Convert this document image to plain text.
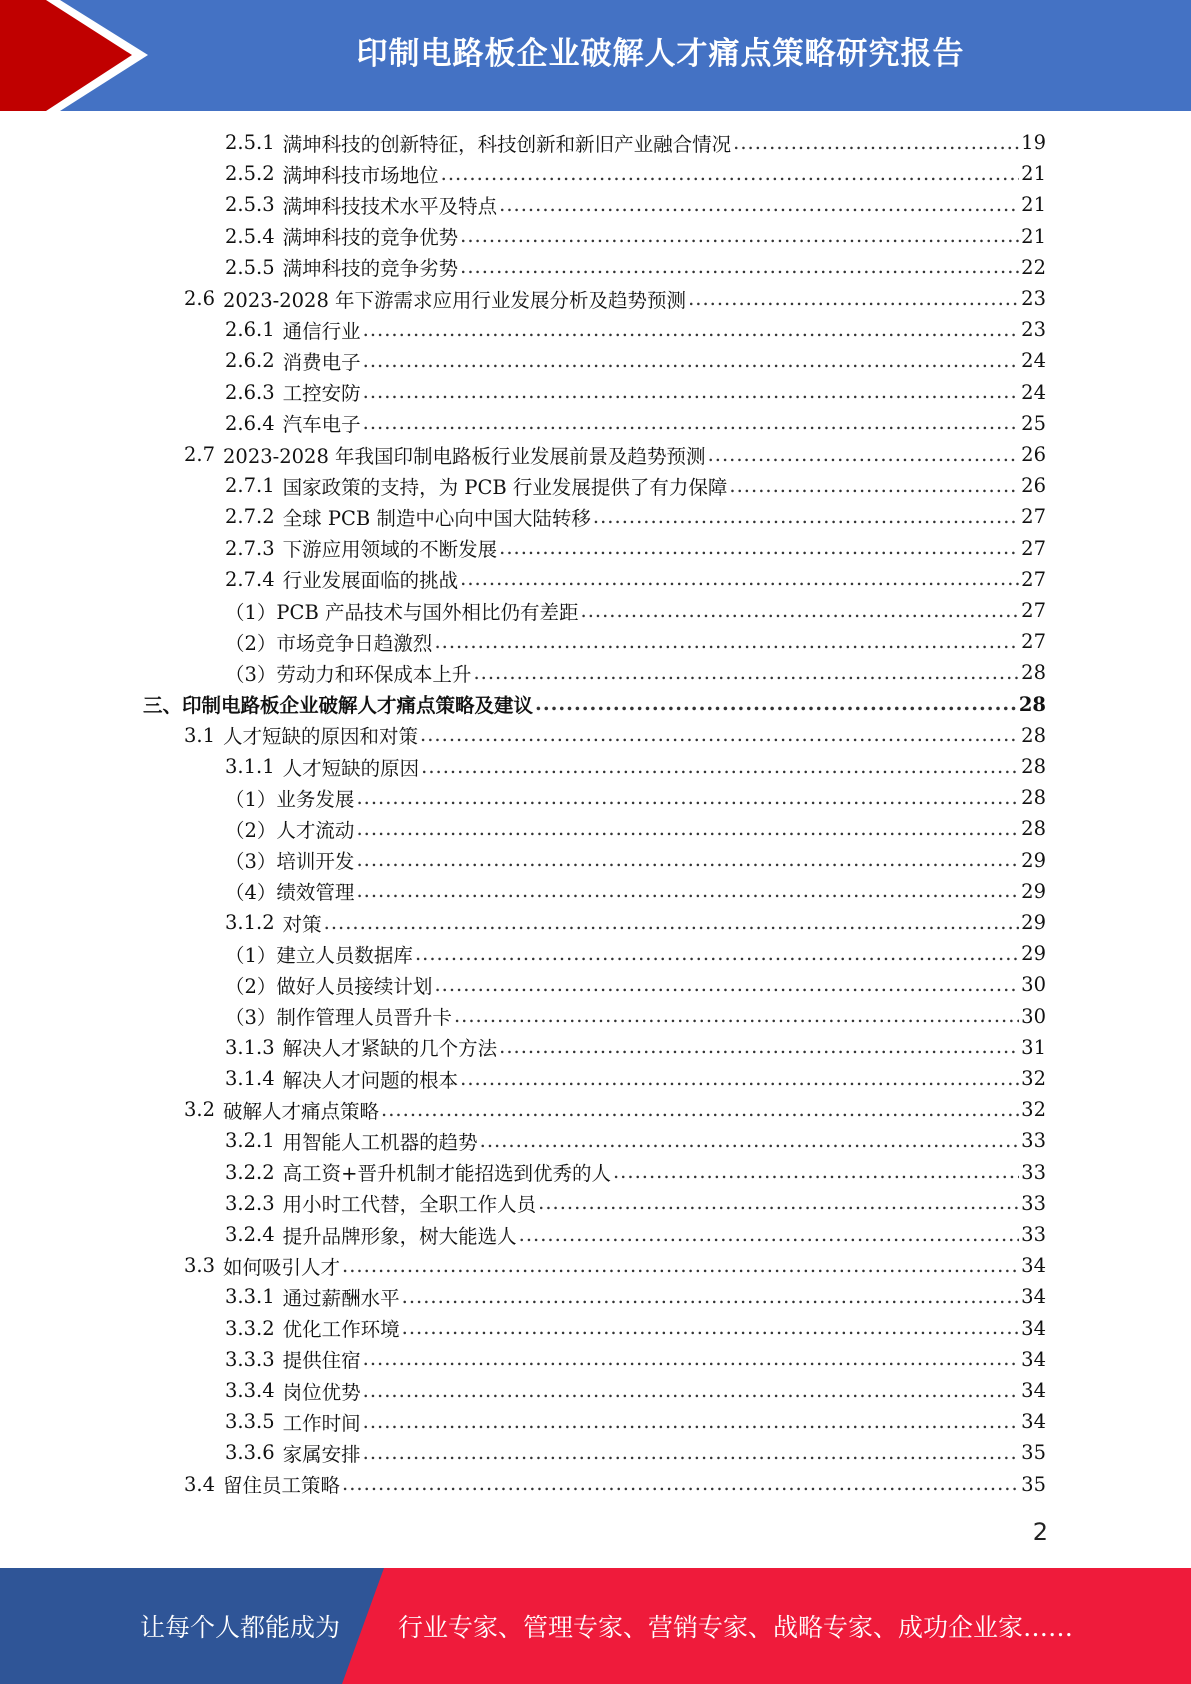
印制电路板企业破解人才痛点策略研究报告
2.5.1 满坤科技的创新特征，科技创新和新旧产业融合情况 .....	19
2.5.2 满坤科技市场地位 .....	21
2.5.3 满坤科技技术水平及特点 .....	21
2.5.4 满坤科技的竞争优势 .....	21
2.5.5 满坤科技的竞争劣势 .....	22
2.6 2023-2028 年下游需求应用行业发展分析及趋势预测 .....	23
2.6.1 通信行业 .....	23
2.6.2 消费电子 .....	24
2.6.3 工控安防 .....	24
2.6.4 汽车电子 .....	25
2.7 2023-2028 年我国印制电路板行业发展前景及趋势预测 .....	26
2.7.1 国家政策的支持，为 PCB 行业发展提供了有力保障 .....	26
2.7.2 全球 PCB 制造中心向中国大陆转移 .....	27
2.7.3 下游应用领域的不断发展 .....	27
2.7.4 行业发展面临的挑战 .....	27
（1） PCB 产品技术与国外相比仍有差距 .....	27
（2） 市场竞争日趋激烈 .....	27
（3） 劳动力和环保成本上升 .....	28
三、 印制电路板企业破解人才痛点策略及建议 .....	28
3.1 人才短缺的原因和对策 .....	28
3.1.1 人才短缺的原因 .....	28
（1） 业务发展 .....	28
（2） 人才流动 .....	28
（3） 培训开发 .....	29
（4） 绩效管理 .....	29
3.1.2 对策 .....	29
（1） 建立人员数据库 .....	29
（2） 做好人员接续计划 .....	30
（3） 制作管理人员晋升卡 .....	30
3.1.3 解决人才紧缺的几个方法 .....	31
3.1.4 解决人才问题的根本 .....	32
3.2 破解人才痛点策略 .....	32
3.2.1 用智能人工机器的趋势 .....	33
3.2.2 高工资+晋升机制才能招选到优秀的人 .....	33
3.2.3 用小时工代替，全职工作人员 .....	33
3.2.4 提升品牌形象，树大能选人 .....	33
3.3 如何吸引人才 .....	34
3.3.1 通过薪酬水平 .....	34
3.3.2 优化工作环境 .....	34
3.3.3 提供住宿 .....	34
3.3.4 岗位优势 .....	34
3.3.5 工作时间 .....	34
3.3.6 家属安排 .....	35
3.4 留住员工策略 .....	35
2
让每个人都能成为 行业专家、管理专家、营销专家、战略专家、成功企业家……
